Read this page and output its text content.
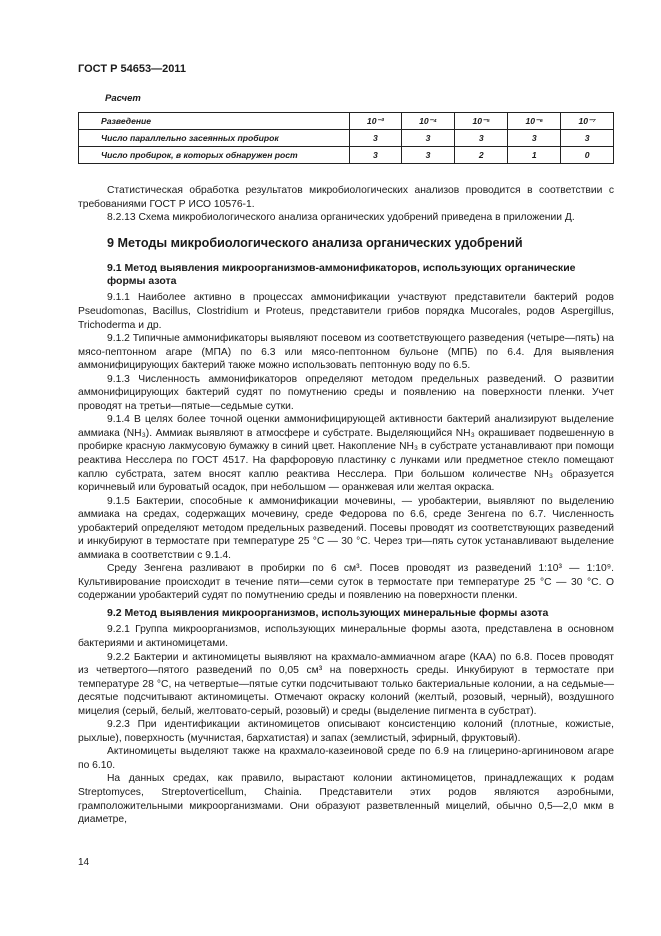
ГОСТ Р 54653—2011
Расчет
Разведение	10⁻³	10⁻⁴	10⁻⁵	10⁻⁶	10⁻⁷
Число параллельно засеянных пробирок	3	3	3	3	3
Число пробирок, в которых обнаружен рост	3	3	2	1	0

Статистическая обработка результатов микробиологических анализов проводится в соответствии с требованиями ГОСТ Р ИСО 10576-1.

8.2.13 Схема микробиологического анализа органических удобрений приведена в приложении Д.

9 Методы микробиологического анализа органических удобрений
9.1 Метод выявления микроорганизмов-аммонификаторов, использующих органические формы азота

9.1.1 Наиболее активно в процессах аммонификации участвуют представители бактерий родов Pseudomonas, Bacillus, Clostridium и Proteus, представители грибов порядка Mucorales, родов Aspergillus, Trichoderma и др.

9.1.2 Типичные аммонификаторы выявляют посевом из соответствующего разведения (четыре—пять) на мясо-пептонном агаре (МПА) по 6.3 или мясо-пептонном бульоне (МПБ) по 6.4. Для выявления аммонифицирующих бактерий также можно использовать пептонную воду по 6.5.

9.1.3 Численность аммонификаторов определяют методом предельных разведений. О развитии аммонифицирующих бактерий судят по помутнению среды и появлению на поверхности пленки. Учет проводят на третьи—пятые—седьмые сутки.

9.1.4 В целях более точной оценки аммонифицирующей активности бактерий анализируют выделение аммиака (NH₃). Аммиак выявляют в атмосфере и субстрате. Выделяющийся NH₃ окрашивает подвешенную в пробирке красную лакмусовую бумажку в синий цвет. Накопление NH₃ в субстрате устанавливают при помощи реактива Несслера по ГОСТ 4517. На фарфоровую пластинку с лунками или предметное стекло помещают каплю субстрата, затем вносят каплю реактива Несслера. При большом количестве NH₃ образуется коричневый или буроватый осадок, при небольшом — оранжевая или желтая окраска.

9.1.5 Бактерии, способные к аммонификации мочевины, — уробактерии, выявляют по выделению аммиака на средах, содержащих мочевину, среде Федорова по 6.6, среде Зенгена по 6.7. Численность уробактерий определяют методом предельных разведений. Посевы проводят из соответствующих разведений и инкубируют в термостате при температуре 25 °С — 30 °С. Через три—пять суток устанавливают выделение аммиака в соответствии с 9.1.4.

Среду Зенгена разливают в пробирки по 6 см³. Посев проводят из разведений 1:10³ — 1:10⁹. Культивирование происходит в течение пяти—семи суток в термостате при температуре 25 °С — 30 °С. О содержании уробактерий судят по помутнению среды и появлению на поверхности пленки.

9.2 Метод выявления микроорганизмов, использующих минеральные формы азота

9.2.1 Группа микроорганизмов, использующих минеральные формы азота, представлена в основном бактериями и актиномицетами.

9.2.2 Бактерии и актиномицеты выявляют на крахмало-аммиачном агаре (КАА) по 6.8. Посев проводят из четвертого—пятого разведений по 0,05 см³ на поверхность среды. Инкубируют в термостате при температуре 28 °С, на четвертые—пятые сутки подсчитывают только бактериальные колонии, а на седьмые—десятые подсчитывают актиномицеты. Отмечают окраску колоний (желтый, розовый, черный), воздушного мицелия (серый, белый, желтовато-серый, розовый) и среды (выделение пигмента в субстрат).

9.2.3 При идентификации актиномицетов описывают консистенцию колоний (плотные, кожистые, рыхлые), поверхность (мучнистая, бархатистая) и запах (землистый, эфирный, фруктовый).

Актиномицеты выделяют также на крахмало-казеиновой среде по 6.9 на глицерино-аргининовом агаре по 6.10.

На данных средах, как правило, вырастают колонии актиномицетов, принадлежащих к родам Streptomyces, Streptoverticellum, Chainia. Представители этих родов являются аэробными, грамположительными микроорганизмами. Они образуют разветвленный мицелий, обычно 0,5—2,0 мкм в диаметре,

14
